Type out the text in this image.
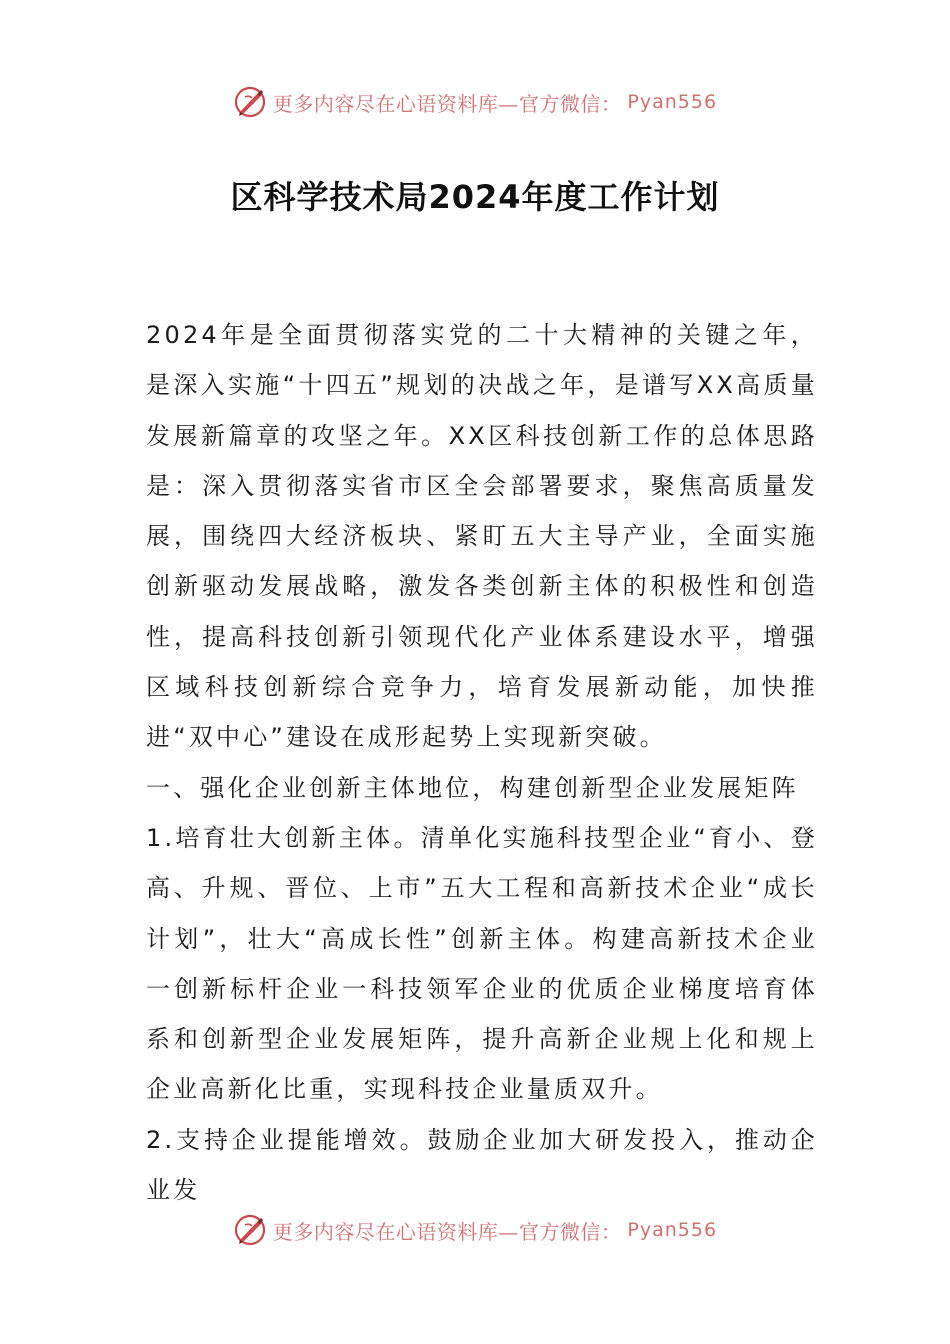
更多内容尽在心语资料库—官方微信： Pyan556
区科学技术局2024年度工作计划

2024年是全面贯彻落实党的二十大精神的关键之年，是深入实施“十四五”规划的决战之年，是谱写XX高质量发展新篇章的攻坚之年。XX区科技创新工作的总体思路是：深入贯彻落实省市区全会部署要求，聚焦高质量发展，围绕四大经济板块、紧盯五大主导产业，全面实施创新驱动发展战略，激发各类创新主体的积极性和创造性，提高科技创新引领现代化产业体系建设水平，增强区域科技创新综合竞争力，培育发展新动能，加快推进“双中心”建设在成形起势上实现新突破。

一、强化企业创新主体地位，构建创新型企业发展矩阵

1.培育壮大创新主体。清单化实施科技型企业“育小、登高、升规、晋位、上市”五大工程和高新技术企业“成长计划”，壮大“高成长性”创新主体。构建高新技术企业一创新标杆企业一科技领军企业的优质企业梯度培育体系和创新型企业发展矩阵，提升高新企业规上化和规上企业高新化比重，实现科技企业量质双升。

2.支持企业提能增效。鼓励企业加大研发投入，推动企业发

更多内容尽在心语资料库—官方微信： Pyan556
